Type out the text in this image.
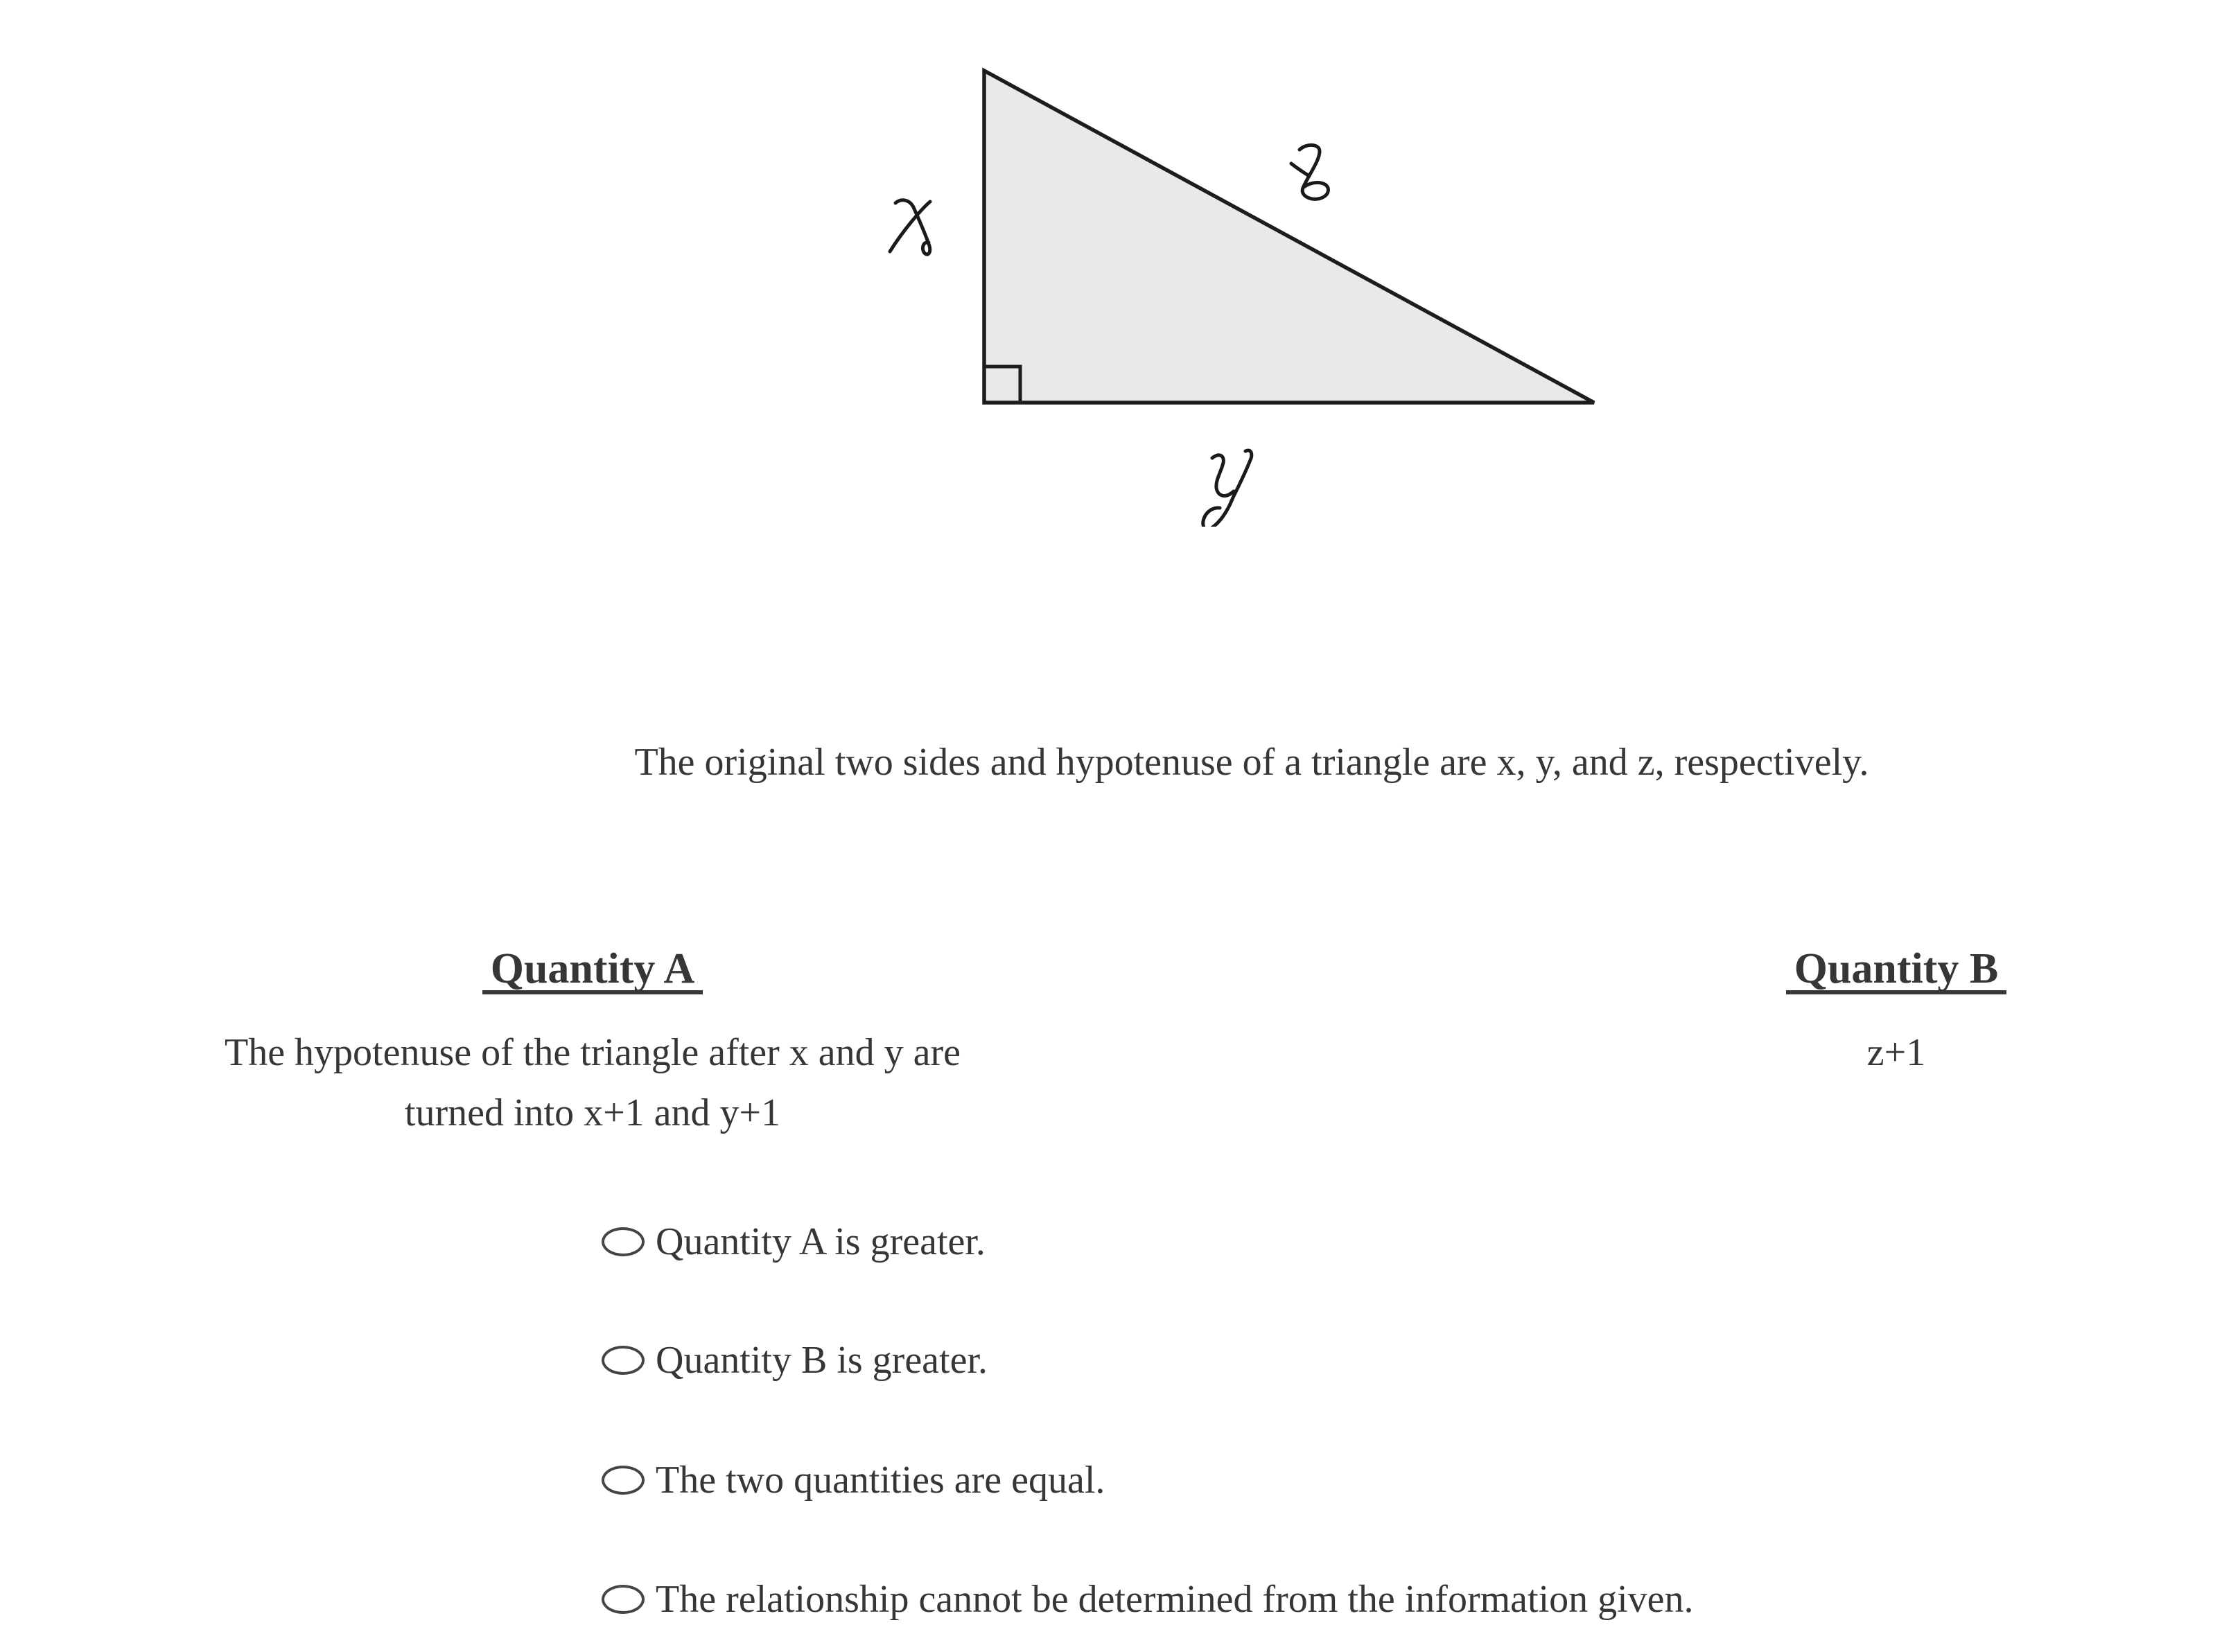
The original two sides and hypotenuse of a triangle are x, y, and z, respectively.
Quantity A
The hypotenuse of the triangle after x and y are
turned into x+1 and y+1
Quantity B
z+1
Quantity A is greater.
Quantity B is greater.
The two quantities are equal.
The relationship cannot be determined from the information given.
